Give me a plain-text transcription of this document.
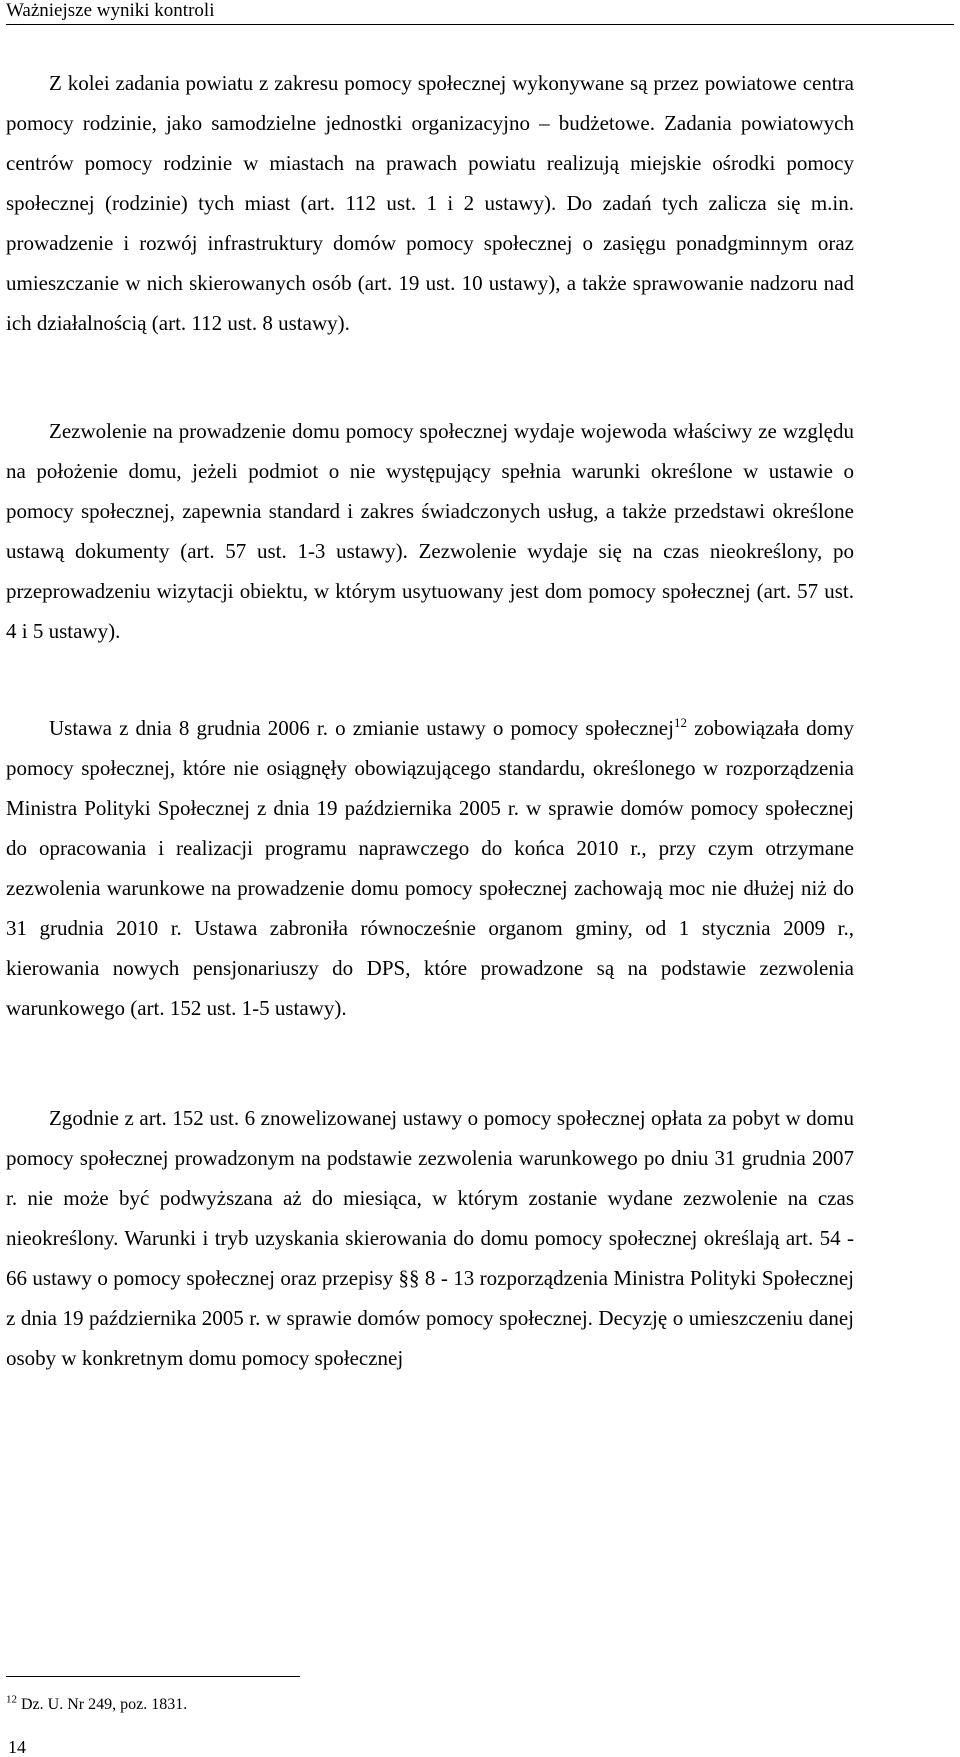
Ważniejsze wyniki kontroli

Z kolei zadania powiatu z zakresu pomocy społecznej wykonywane są przez powiatowe centra pomocy rodzinie, jako samodzielne jednostki organizacyjno – budżetowe. Zadania powiatowych centrów pomocy rodzinie w miastach na prawach powiatu realizują miejskie ośrodki pomocy społecznej (rodzinie) tych miast (art. 112 ust. 1 i 2 ustawy). Do zadań tych zalicza się m.in. prowadzenie i rozwój infrastruktury domów pomocy społecznej o zasięgu ponadgminnym oraz umieszczanie w nich skierowanych osób (art. 19 ust. 10 ustawy), a także sprawowanie nadzoru nad ich działalnością (art. 112 ust. 8 ustawy).

Zezwolenie na prowadzenie domu pomocy społecznej wydaje wojewoda właściwy ze względu na położenie domu, jeżeli podmiot o nie występujący spełnia warunki określone w ustawie o pomocy społecznej, zapewnia standard i zakres świadczonych usług, a także przedstawi określone ustawą dokumenty (art. 57 ust. 1-3 ustawy). Zezwolenie wydaje się na czas nieokreślony, po przeprowadzeniu wizytacji obiektu, w którym usytuowany jest dom pomocy społecznej (art. 57 ust. 4 i 5 ustawy).

Ustawa z dnia 8 grudnia 2006 r. o zmianie ustawy o pomocy społecznej$^{12}$ zobowiązała domy pomocy społecznej, które nie osiągnęły obowiązującego standardu, określonego w rozporządzenia Ministra Polityki Społecznej z dnia 19 października 2005 r. w sprawie domów pomocy społecznej do opracowania i realizacji programu naprawczego do końca 2010 r., przy czym otrzymane zezwolenia warunkowe na prowadzenie domu pomocy społecznej zachowają moc nie dłużej niż do 31 grudnia 2010 r. Ustawa zabroniła równocześnie organom gminy, od 1 stycznia 2009 r., kierowania nowych pensjonariuszy do DPS, które prowadzone są na podstawie zezwolenia warunkowego (art. 152 ust. 1-5 ustawy).

Zgodnie z art. 152 ust. 6 znowelizowanej ustawy o pomocy społecznej opłata za pobyt w domu pomocy społecznej prowadzonym na podstawie zezwolenia warunkowego po dniu 31 grudnia 2007 r. nie może być podwyższana aż do miesiąca, w którym zostanie wydane zezwolenie na czas nieokreślony. Warunki i tryb uzyskania skierowania do domu pomocy społecznej określają art. 54 - 66 ustawy o pomocy społecznej oraz przepisy §§ 8 - 13 rozporządzenia Ministra Polityki Społecznej z dnia 19 października 2005 r. w sprawie domów pomocy społecznej. Decyzję o umieszczeniu danej osoby w konkretnym domu pomocy społecznej

$^{12}$ Dz. U. Nr 249, poz. 1831.
14
